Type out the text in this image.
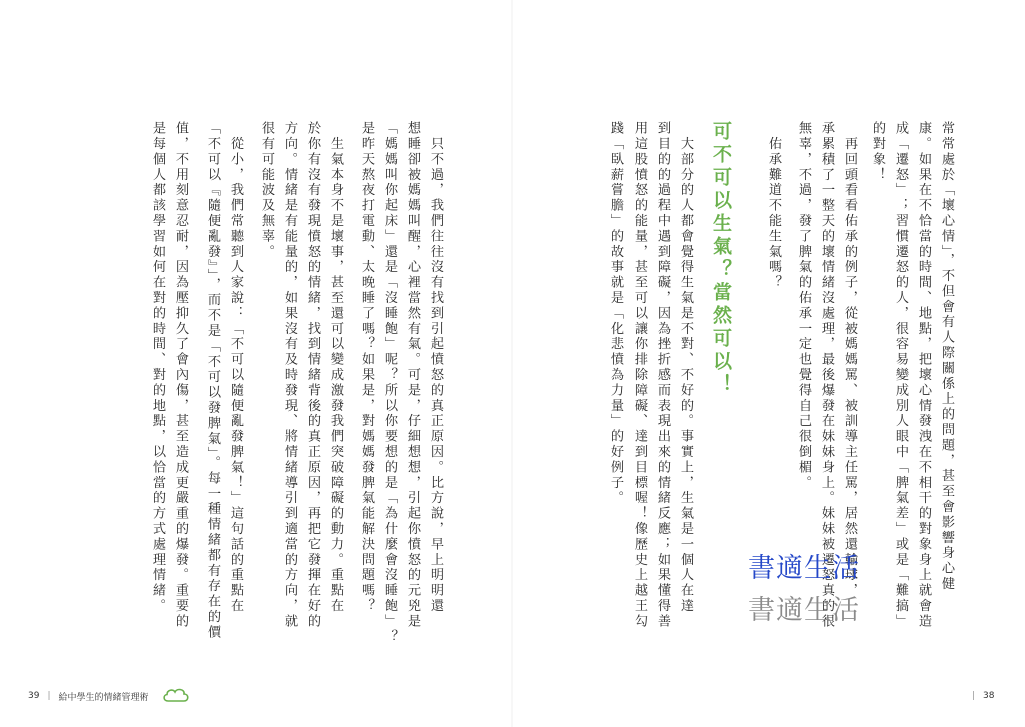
常常處於「壞心情」，不但會有人際關係上的問題，甚至會影響身心健

康。如果在不恰當的時間、地點，把壞心情發洩在不相干的對象身上就會造

成「遷怒」；習慣遷怒的人，很容易變成別人眼中「脾氣差」或是「難搞」

的對象！

　再回頭看看佑承的例子，從被媽媽罵、被訓導主任罵，居然還輸球，

承累積了一整天的壞情緒沒處理，最後爆發在妹妹身上。妹妹被遷怒真的很

無辜，不過，發了脾氣的佑承一定也覺得自己很倒楣。

　佑承難道不能生氣嗎？

可不可以生氣？當然可以！

　大部分的人都會覺得生氣是不對、不好的。事實上，生氣是一個人在達

到目的的過程中遇到障礙，因為挫折感而表現出來的情緒反應；如果懂得善

用這股憤怒的能量，甚至可以讓你排除障礙、達到目標喔！像歷史上越王勾

踐「臥薪嘗膽」的故事就是「化悲憤為力量」的好例子。

　只不過，我們往往沒有找到引起憤怒的真正原因。比方說，早上明明還

想睡卻被媽媽叫醒，心裡當然有氣。可是，仔細想想，引起你憤怒的元兇是

「媽媽叫你起床」還是「沒睡飽」呢？所以你要想的是「為什麼會沒睡飽」？

是昨天熬夜打電動、太晚睡了嗎？如果是，對媽媽發脾氣能解決問題嗎？

　生氣本身不是壞事，甚至還可以變成激發我們突破障礙的動力。重點在

於你有沒有發現憤怒的情緒，找到情緒背後的真正原因，再把它發揮在好的

方向。情緒是有能量的，如果沒有及時發現、將情緒導引到適當的方向，就

很有可能波及無辜。

　從小，我們常聽到人家說：「不可以隨便亂發脾氣！」這句話的重點在

「不可以『隨便亂發』」，而不是「不可以發脾氣」。每一種情緒都有存在的價

值，不用刻意忍耐，因為壓抑久了會內傷，甚至造成更嚴重的爆發。重要的

是每個人都該學習如何在對的時間、對的地點，以恰當的方式處理情緒。	書適生活
書適生活
39 | 給中學生的情緒管理術	| 38
